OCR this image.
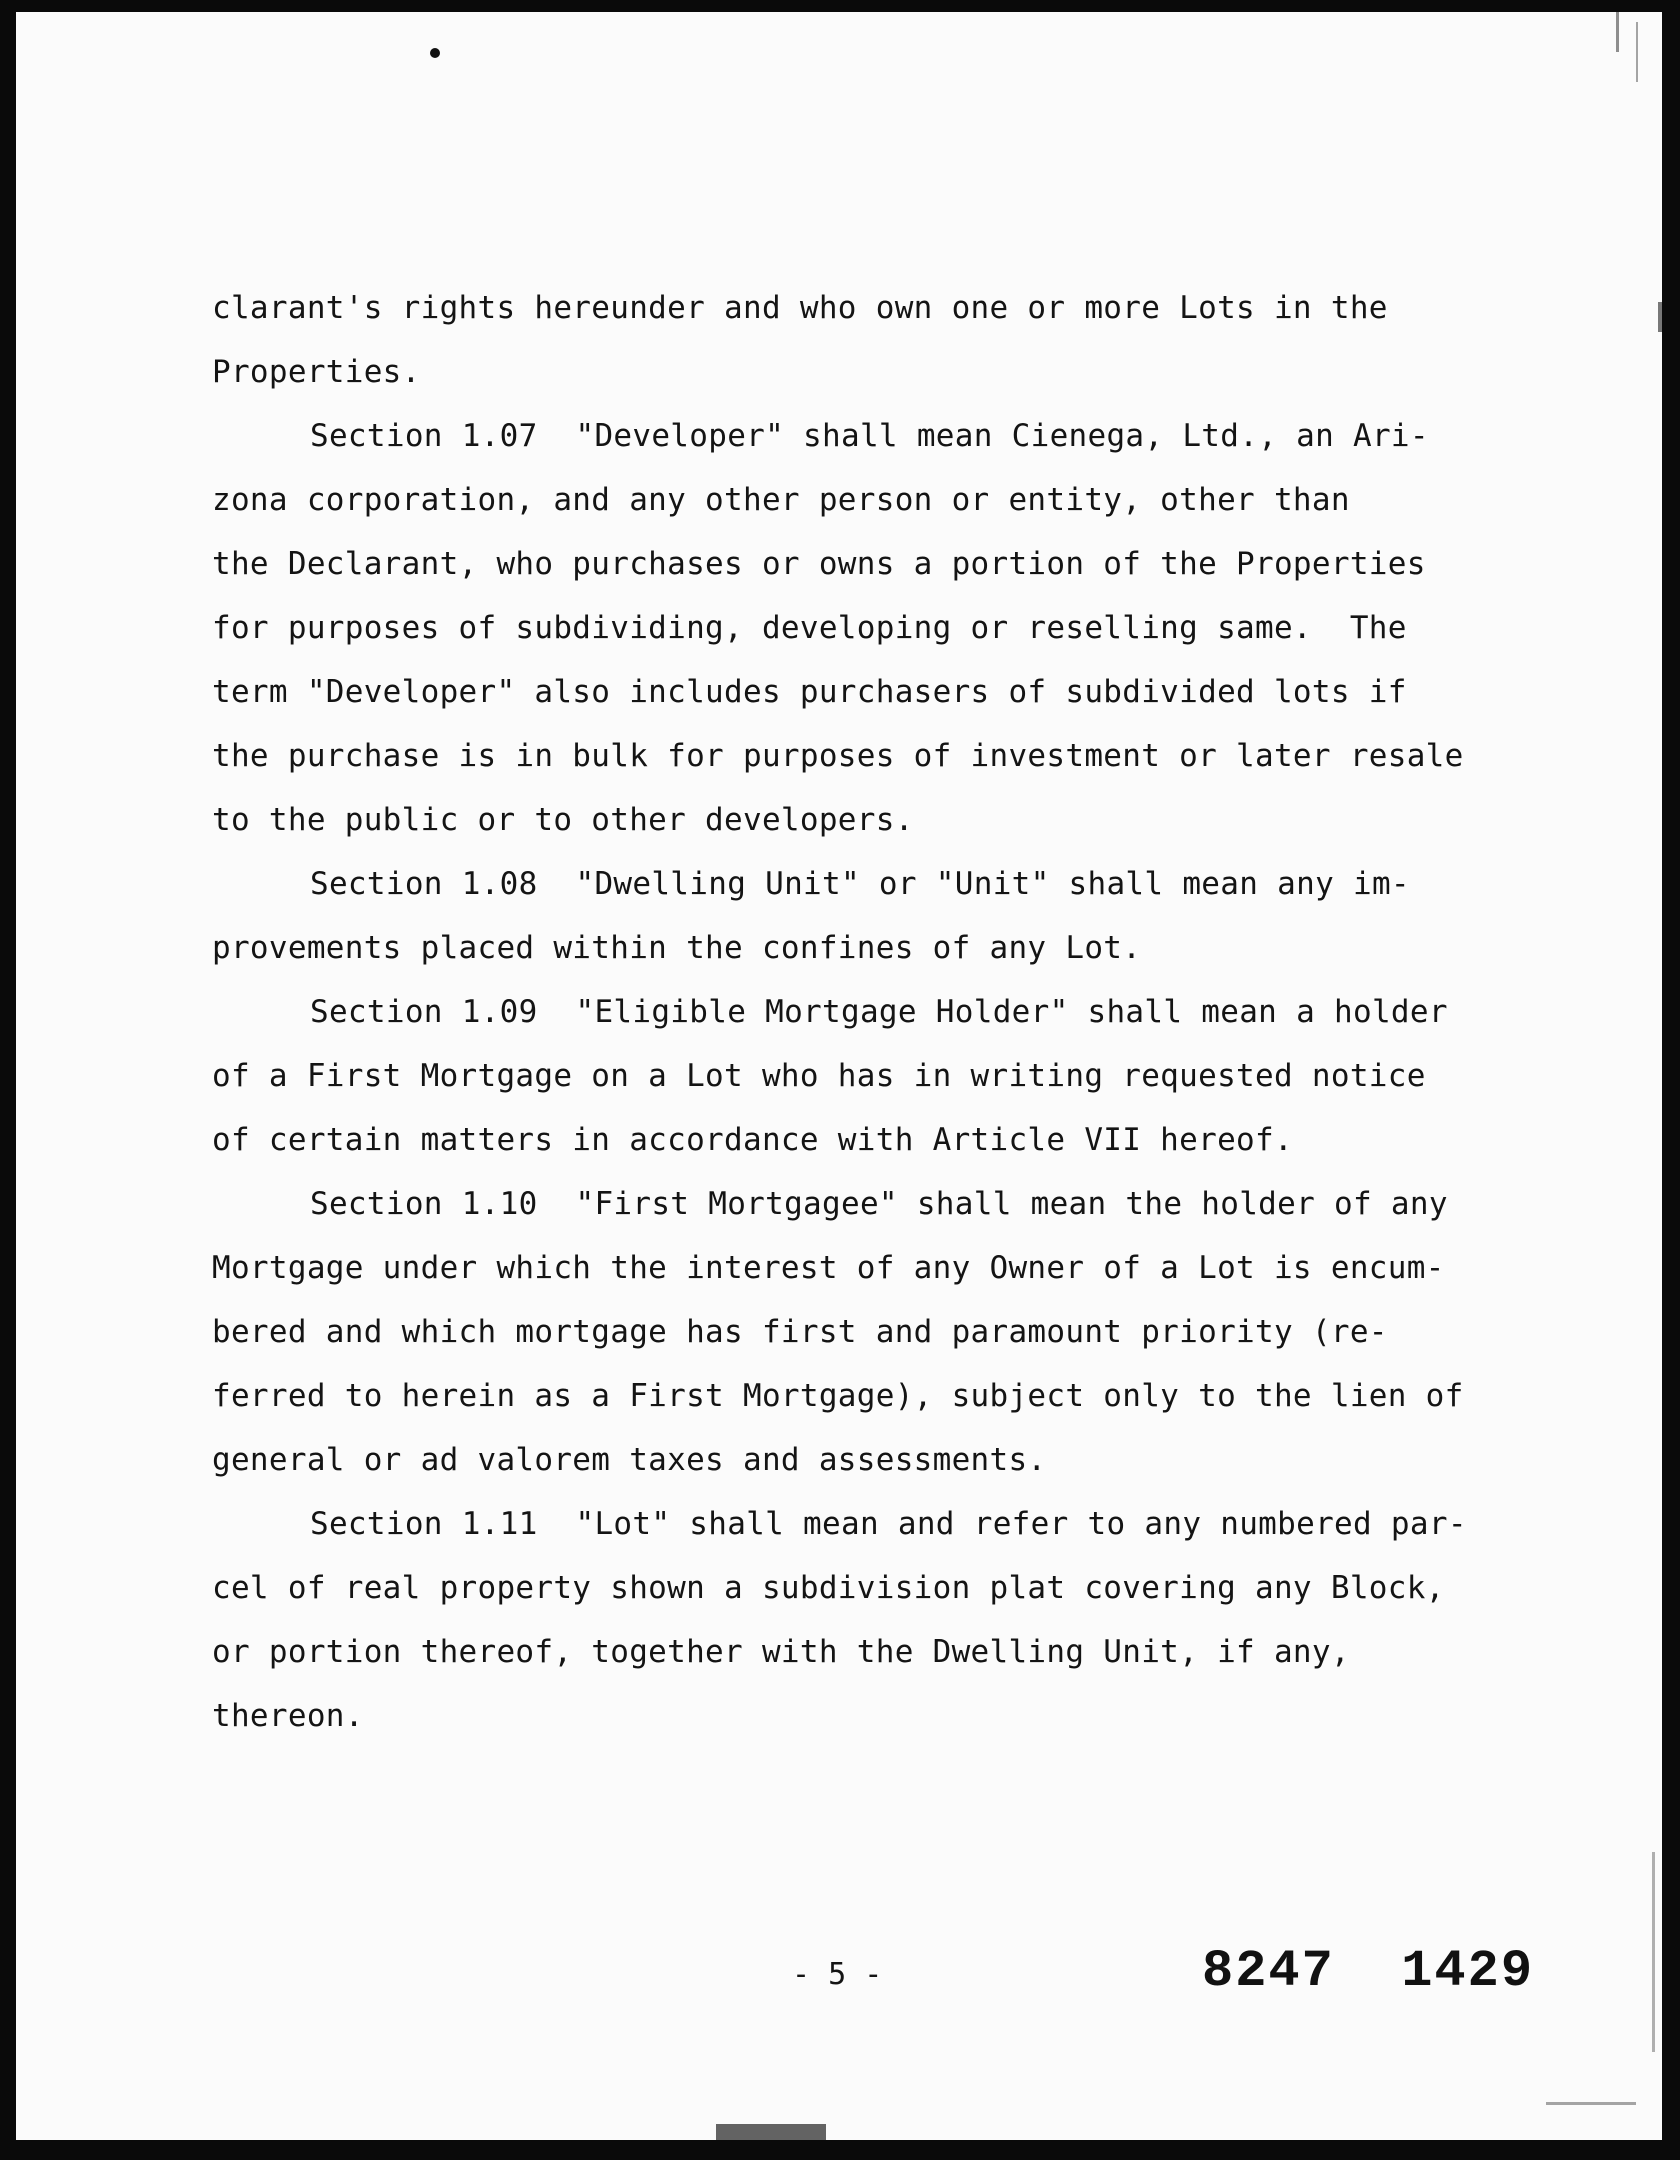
clarant's rights hereunder and who own one or more Lots in the
Properties.
Section 1.07  "Developer" shall mean Cienega, Ltd., an Ari-
zona corporation, and any other person or entity, other than
the Declarant, who purchases or owns a portion of the Properties
for purposes of subdividing, developing or reselling same.  The
term "Developer" also includes purchasers of subdivided lots if
the purchase is in bulk for purposes of investment or later resale
to the public or to other developers.
Section 1.08  "Dwelling Unit" or "Unit" shall mean any im-
provements placed within the confines of any Lot.
Section 1.09  "Eligible Mortgage Holder" shall mean a holder
of a First Mortgage on a Lot who has in writing requested notice
of certain matters in accordance with Article VII hereof.
Section 1.10  "First Mortgagee" shall mean the holder of any
Mortgage under which the interest of any Owner of a Lot is encum-
bered and which mortgage has first and paramount priority (re-
ferred to herein as a First Mortgage), subject only to the lien of
general or ad valorem taxes and assessments.
Section 1.11  "Lot" shall mean and refer to any numbered par-
cel of real property shown a subdivision plat covering any Block,
or portion thereof, together with the Dwelling Unit, if any,
thereon.
- 5 -	8247  1429
